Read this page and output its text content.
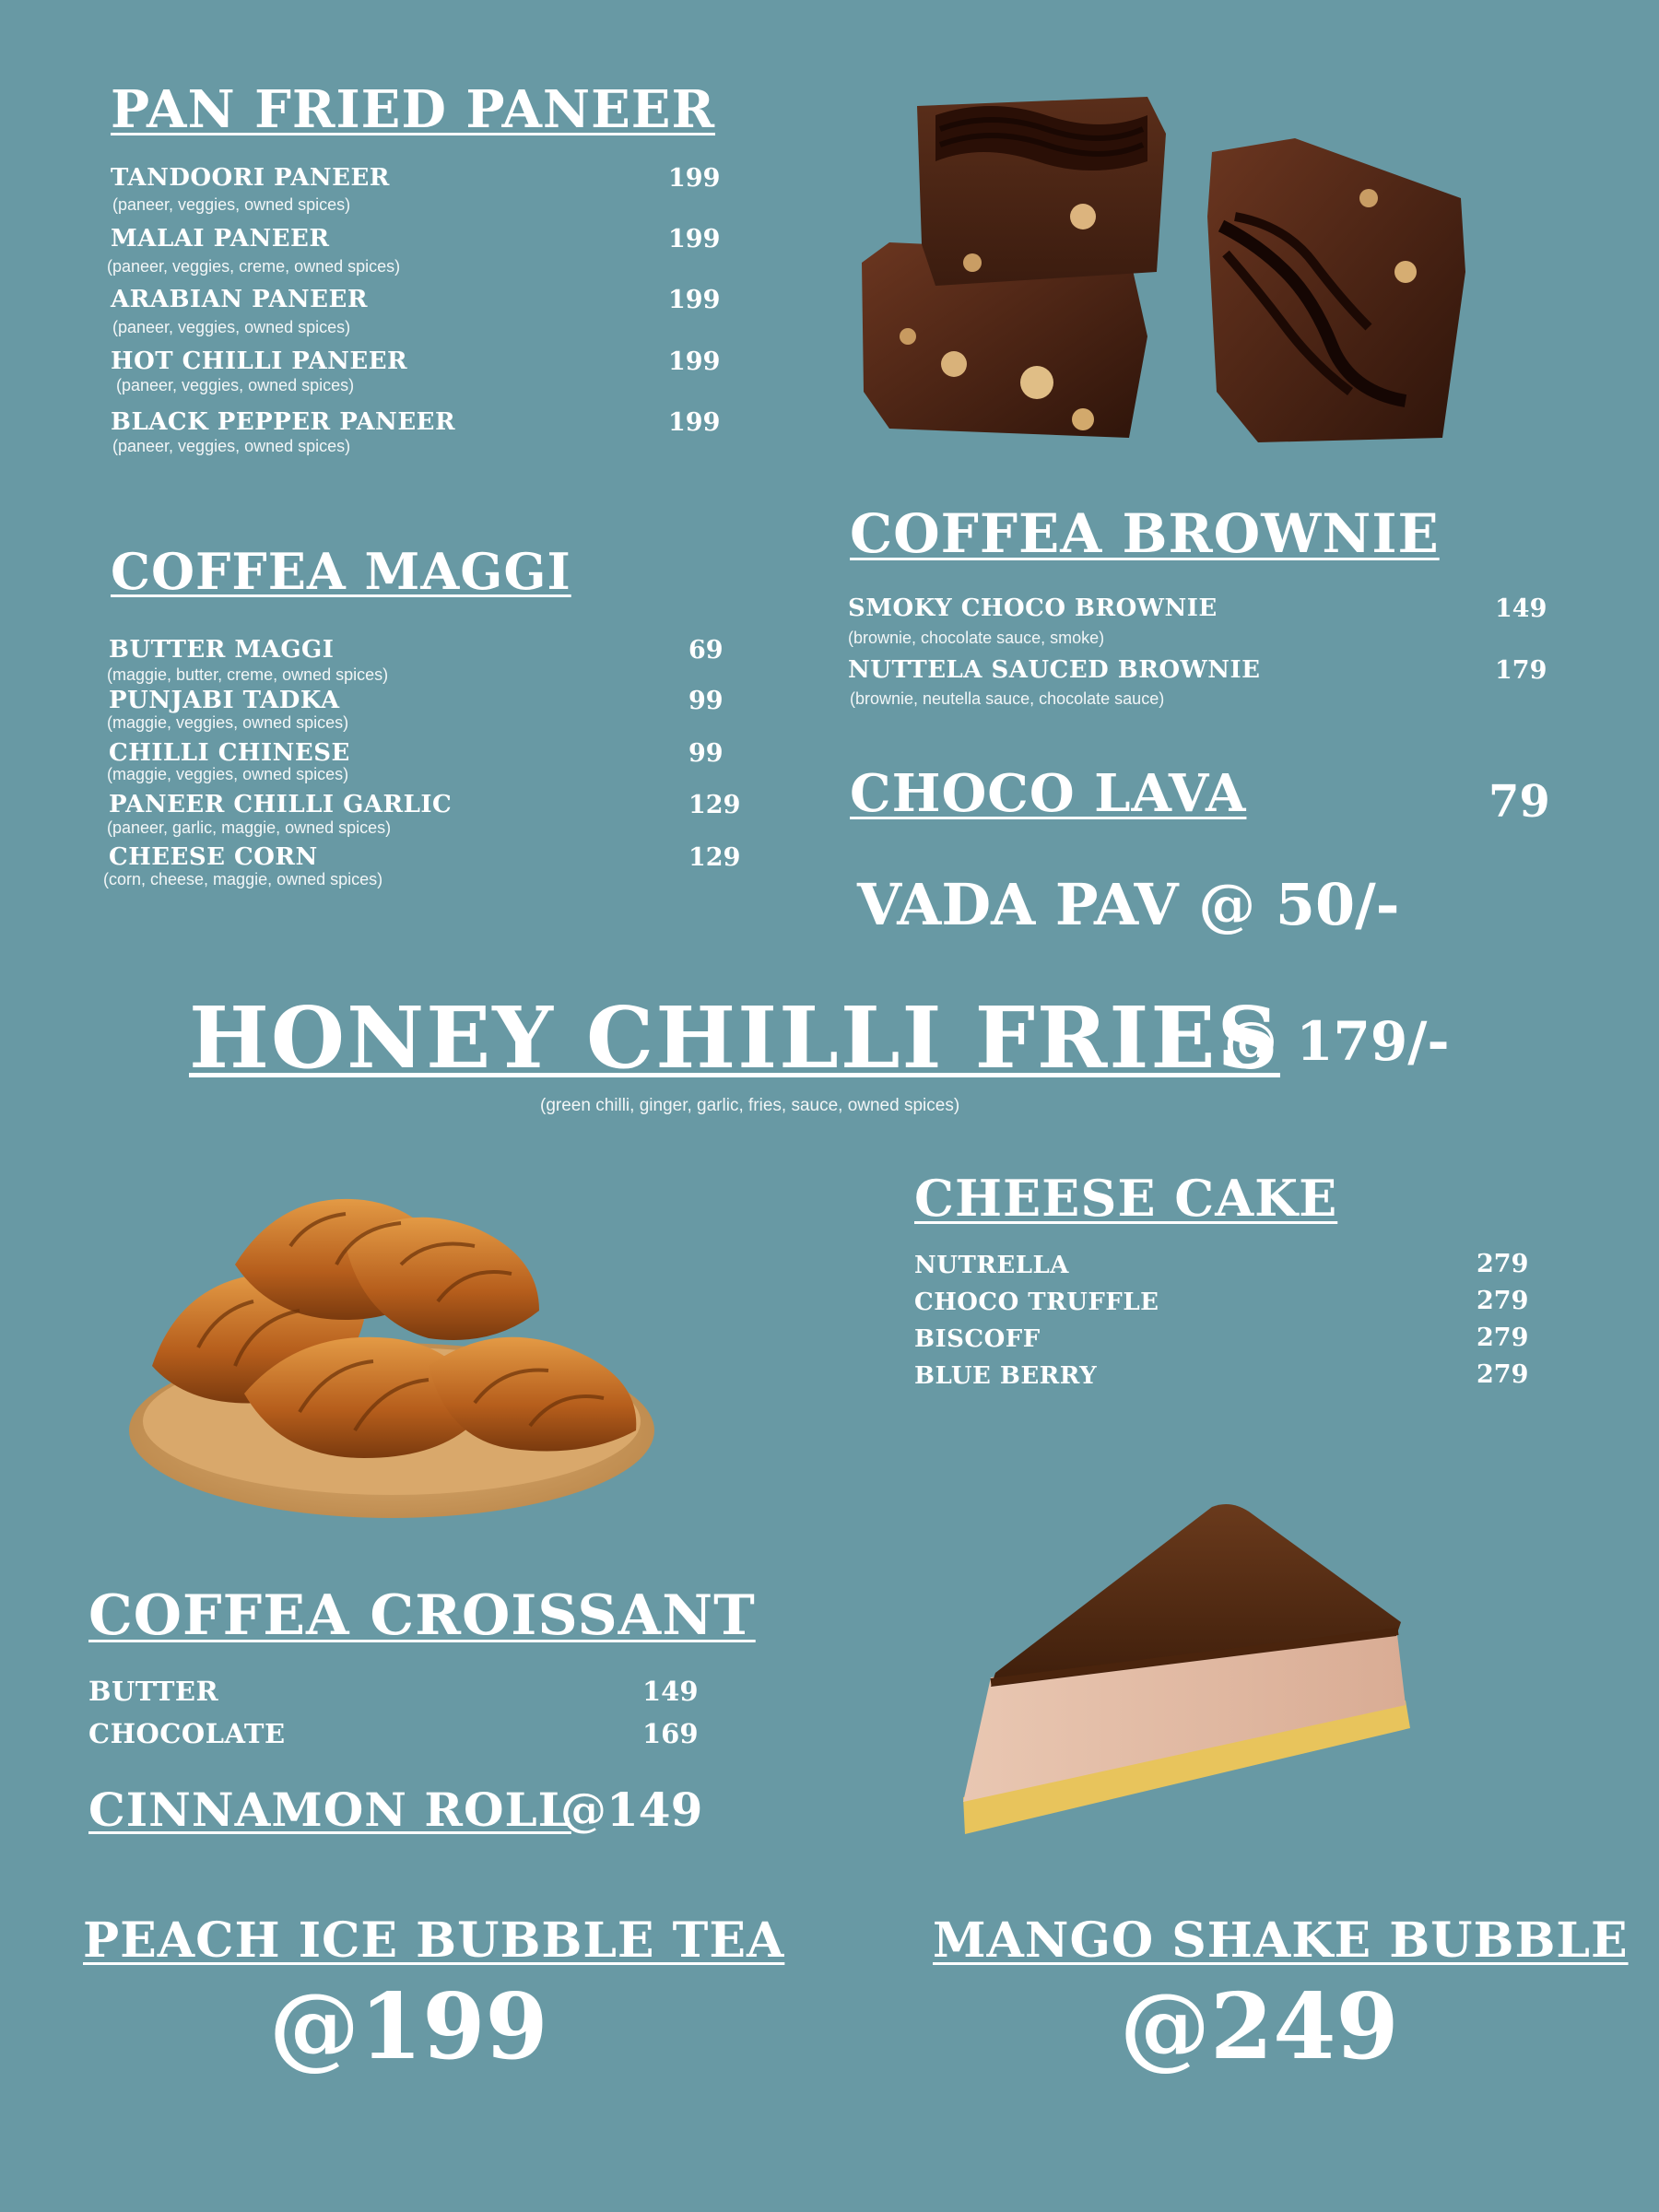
PAN FRIED PANEER
TANDOORI PANEER
(paneer, veggies, owned spices)
199
MALAI PANEER
(paneer, veggies, creme, owned spices)
199
ARABIAN PANEER
(paneer, veggies, owned spices)
199
HOT CHILLI PANEER
(paneer, veggies, owned spices)
199
BLACK PEPPER PANEER
(paneer, veggies, owned spices)
199
COFFEA MAGGI
BUTTER MAGGI
(maggie, butter, creme, owned spices)
69
PUNJABI TADKA
(maggie, veggies, owned spices)
99
CHILLI CHINESE
(maggie, veggies, owned spices)
99
PANEER CHILLI GARLIC
(paneer, garlic, maggie, owned spices)
129
CHEESE CORN
(corn, cheese, maggie, owned spices)
129
COFFEA BROWNIE
SMOKY CHOCO BROWNIE
(brownie, chocolate sauce, smoke)
149
NUTTELA SAUCED BROWNIE
(brownie, neutella sauce, chocolate sauce)
179
CHOCO LAVA	79
VADA PAV @ 50/-
HONEY CHILLI FRIES
@ 179/-
(green chilli, ginger, garlic, fries, sauce, owned spices)
CHEESE CAKE
NUTRELLA	279
CHOCO TRUFFLE	279
BISCOFF	279
BLUE BERRY	279
COFFEA CROISSANT
BUTTER	149
CHOCOLATE	169
CINNAMON ROLL
@149
PEACH ICE BUBBLE TEA
@199
MANGO SHAKE BUBBLE
@249
